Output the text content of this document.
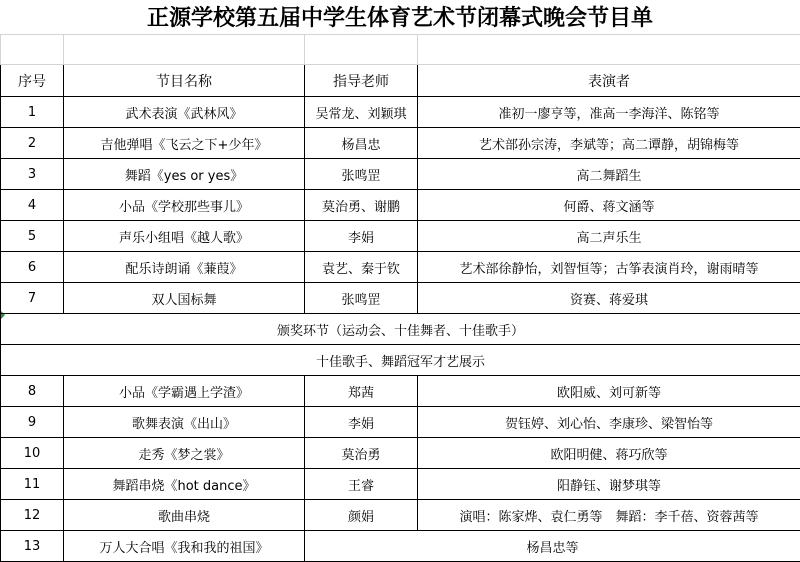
正源学校第五届中学生体育艺术节闭幕式晚会节目单

序号	节目名称	指导老师	表演者
1	武术表演《武林风》	吴常龙、刘颖琪	准初一廖亨等，准高一李海洋、陈铭等
2	吉他弹唱《飞云之下+少年》	杨昌忠	艺术部孙宗涛，李斌等；高二谭静，胡锦梅等
3	舞蹈《yes or yes》	张鸣罡	高二舞蹈生
4	小品《学校那些事儿》	莫治勇、谢鹏	何爵、蒋文涵等
5	声乐小组唱《越人歌》	李娟	高二声乐生
6	配乐诗朗诵《蒹葭》	袁艺、秦于钦	艺术部徐静怡，刘智恒等；古筝表演肖玲，谢雨晴等
7	双人国标舞	张鸣罡	资赛、蒋爱琪
颁奖环节（运动会、十佳舞者、十佳歌手）			
十佳歌手、舞蹈冠军才艺展示			
8	小品《学霸遇上学渣》	郑茜	欧阳威、刘可新等
9	歌舞表演《出山》	李娟	贺钰婷、刘心怡、李康珍、梁智怡等
10	走秀《梦之裳》	莫治勇	欧阳明健、蒋巧欣等
11	舞蹈串烧《hot dance》	王睿	阳静钰、谢梦琪等
12	歌曲串烧	颜娟	演唱：陈家烨、袁仁勇等　舞蹈：李千蓓、资蓉茜等
13	万人大合唱《我和我的祖国》	杨昌忠等	
